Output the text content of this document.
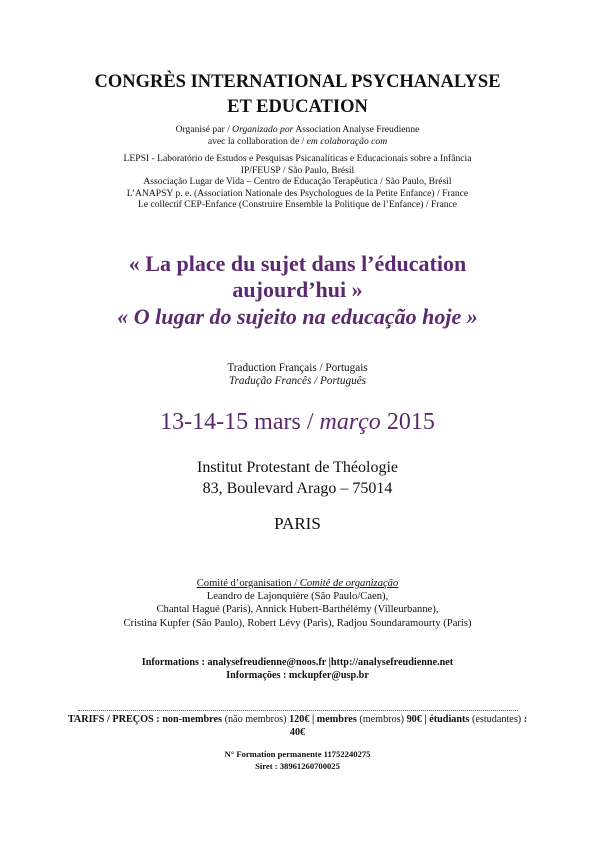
CONGRÈS INTERNATIONAL PSYCHANALYSE
ET EDUCATION
Organisé par / Organizado por Association Analyse Freudienne
avec la collaboration de / em colaboração com
LEPSI - Laboratório de Estudos e Pesquisas Psicanalíticas e Educacionais sobre a Infância
IP/FEUSP / São Paulo, Brésil
Associação Lugar de Vida – Centro de Educação Terapêutica / São Paulo, Brésil
L’ANAPSY p. e. (Association Nationale des Psychologues de la Petite Enfance) / France
Le collectif CEP-Enfance (Construire Ensemble la Politique de l’Enfance) / France
« La place du sujet dans l’éducation
aujourd’hui »
« O lugar do sujeito na educação hoje »
Traduction Français / Portugais
Tradução Francês / Português
13-14-15 mars / março 2015
Institut Protestant de Théologie
83, Boulevard Arago – 75014
PARIS
Comité d’organisation / Comitê de organização
Leandro de Lajonquière (São Paulo/Caen),
Chantal Hagué (Paris), Annick Hubert-Barthélémy (Villeurbanne),
Cristina Kupfer (São Paulo), Robert Lévy (Paris), Radjou Soundaramourty (Paris)
Informations : analysefreudienne@noos.fr |http://analysefreudienne.net
Informaçōes : mckupfer@usp.br
TARIFS / PREÇOS : non-membres (não membros) 120€ | membres (membros) 90€ | étudiants (estudantes) : 40€
N° Formation permanente 11752240275
Siret : 38961260700025
